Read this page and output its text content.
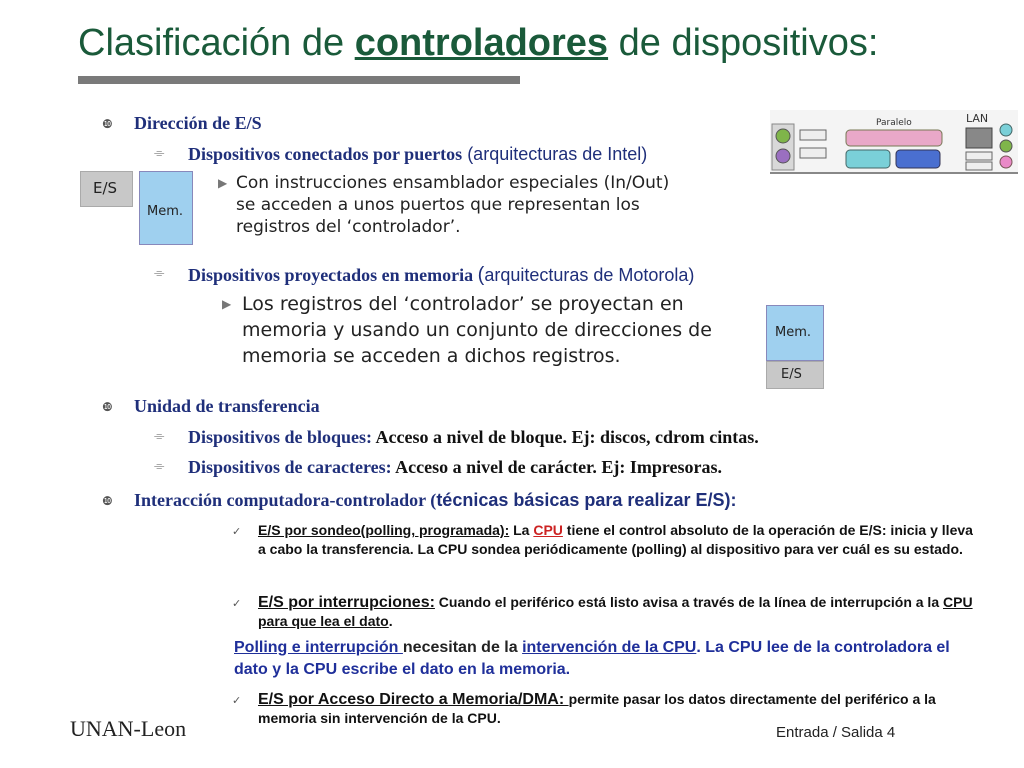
Clasificación de controladores de dispositivos:
❿ Dirección de E/S
⌯ Dispositivos conectados por puertos (arquitecturas de Intel)
E/S
Mem.
Paralelo	LAN
▶ Con instrucciones ensamblador especiales (In/Out)
se acceden a unos puertos que representan los
registros del ‘controlador’.
⌯ Dispositivos proyectados en memoria (arquitecturas de Motorola)
▶ Los registros del ‘controlador’ se proyectan en
memoria y usando un conjunto de direcciones de
memoria se acceden a dichos registros.
Mem.
E/S
❿ Unidad de transferencia
⌯ Dispositivos de bloques: Acceso a nivel de bloque. Ej: discos, cdrom cintas.
⌯ Dispositivos de caracteres: Acceso a nivel de carácter. Ej: Impresoras.
❿ Interacción computadora-controlador (técnicas básicas para realizar E/S):
✓ E/S por sondeo(polling, programada): La CPU tiene el control absoluto de la operación de E/S: inicia y lleva a cabo la transferencia. La CPU sondea periódicamente (polling) al dispositivo para ver cuál es su estado.
✓ E/S por interrupciones: Cuando el periférico está listo avisa a través de la línea de interrupción a la CPU para que lea el dato.
Polling e interrupción necesitan de la intervención de la CPU. La CPU lee de la controladora el dato y la CPU escribe el dato en la memoria.
✓ E/S por Acceso Directo a Memoria/DMA: permite pasar los datos directamente del periférico a la memoria sin intervención de la CPU.
UNAN-Leon	Entrada / Salida 4
